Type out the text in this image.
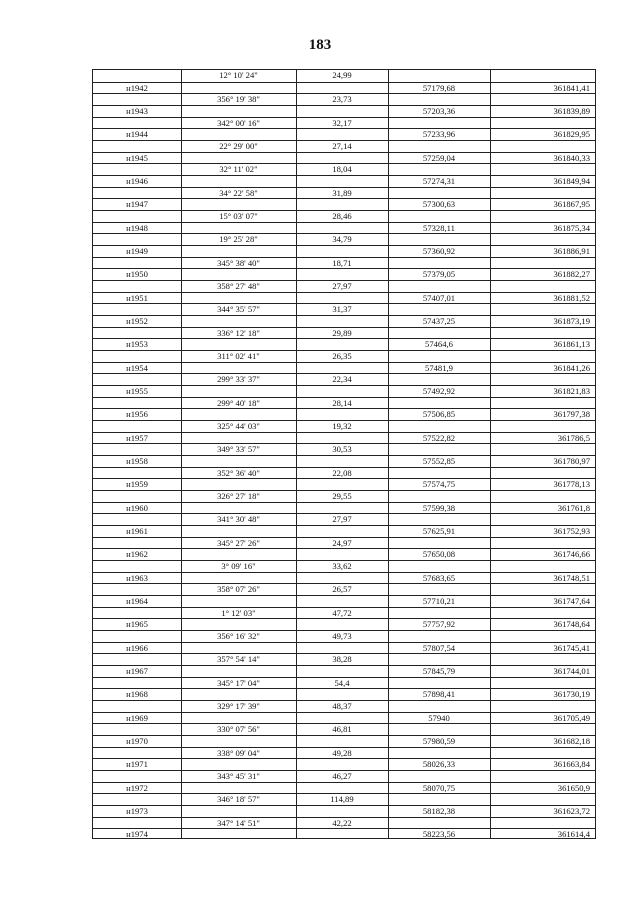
183
12° 10' 24"	24,99
н1942	57179,68	361841,41
356° 19' 38"	23,73
н1943	57203,36	361839,89
342° 00' 16"	32,17
н1944	57233,96	361829,95
22° 29' 00"	27,14
н1945	57259,04	361840,33
32° 11' 02"	18,04
н1946	57274,31	361849,94
34° 22' 58"	31,89
н1947	57300,63	361867,95
15° 03' 07"	28,46
н1948	57328,11	361875,34
19° 25' 28"	34,79
н1949	57360,92	361886,91
345° 38' 40"	18,71
н1950	57379,05	361882,27
358° 27' 48"	27,97
н1951	57407,01	361881,52
344° 35' 57"	31,37
н1952	57437,25	361873,19
336° 12' 18"	29,89
н1953	57464,6	361861,13
311° 02' 41"	26,35
н1954	57481,9	361841,26
299° 33' 37"	22,34
н1955	57492,92	361821,83
299° 40' 18"	28,14
н1956	57506,85	361797,38
325° 44' 03"	19,32
н1957	57522,82	361786,5
349° 33' 57"	30,53
н1958	57552,85	361780,97
352° 36' 40"	22,08
н1959	57574,75	361778,13
326° 27' 18"	29,55
н1960	57599,38	361761,8
341° 30' 48"	27,97
н1961	57625,91	361752,93
345° 27' 26"	24,97
н1962	57650,08	361746,66
3° 09' 16"	33,62
н1963	57683,65	361748,51
358° 07' 26"	26,57
н1964	57710,21	361747,64
1° 12' 03"	47,72
н1965	57757,92	361748,64
356° 16' 32"	49,73
н1966	57807,54	361745,41
357° 54' 14"	38,28
н1967	57845,79	361744,01
345° 17' 04"	54,4
н1968	57898,41	361730,19
329° 17' 39"	48,37
н1969	57940	361705,49
330° 07' 56"	46,81
н1970	57980,59	361682,18
338° 09' 04"	49,28
н1971	58026,33	361663,84
343° 45' 31"	46,27
н1972	58070,75	361650,9
346° 18' 57"	114,89
н1973	58182,38	361623,72
347° 14' 51"	42,22
н1974	58223,56	361614,4
